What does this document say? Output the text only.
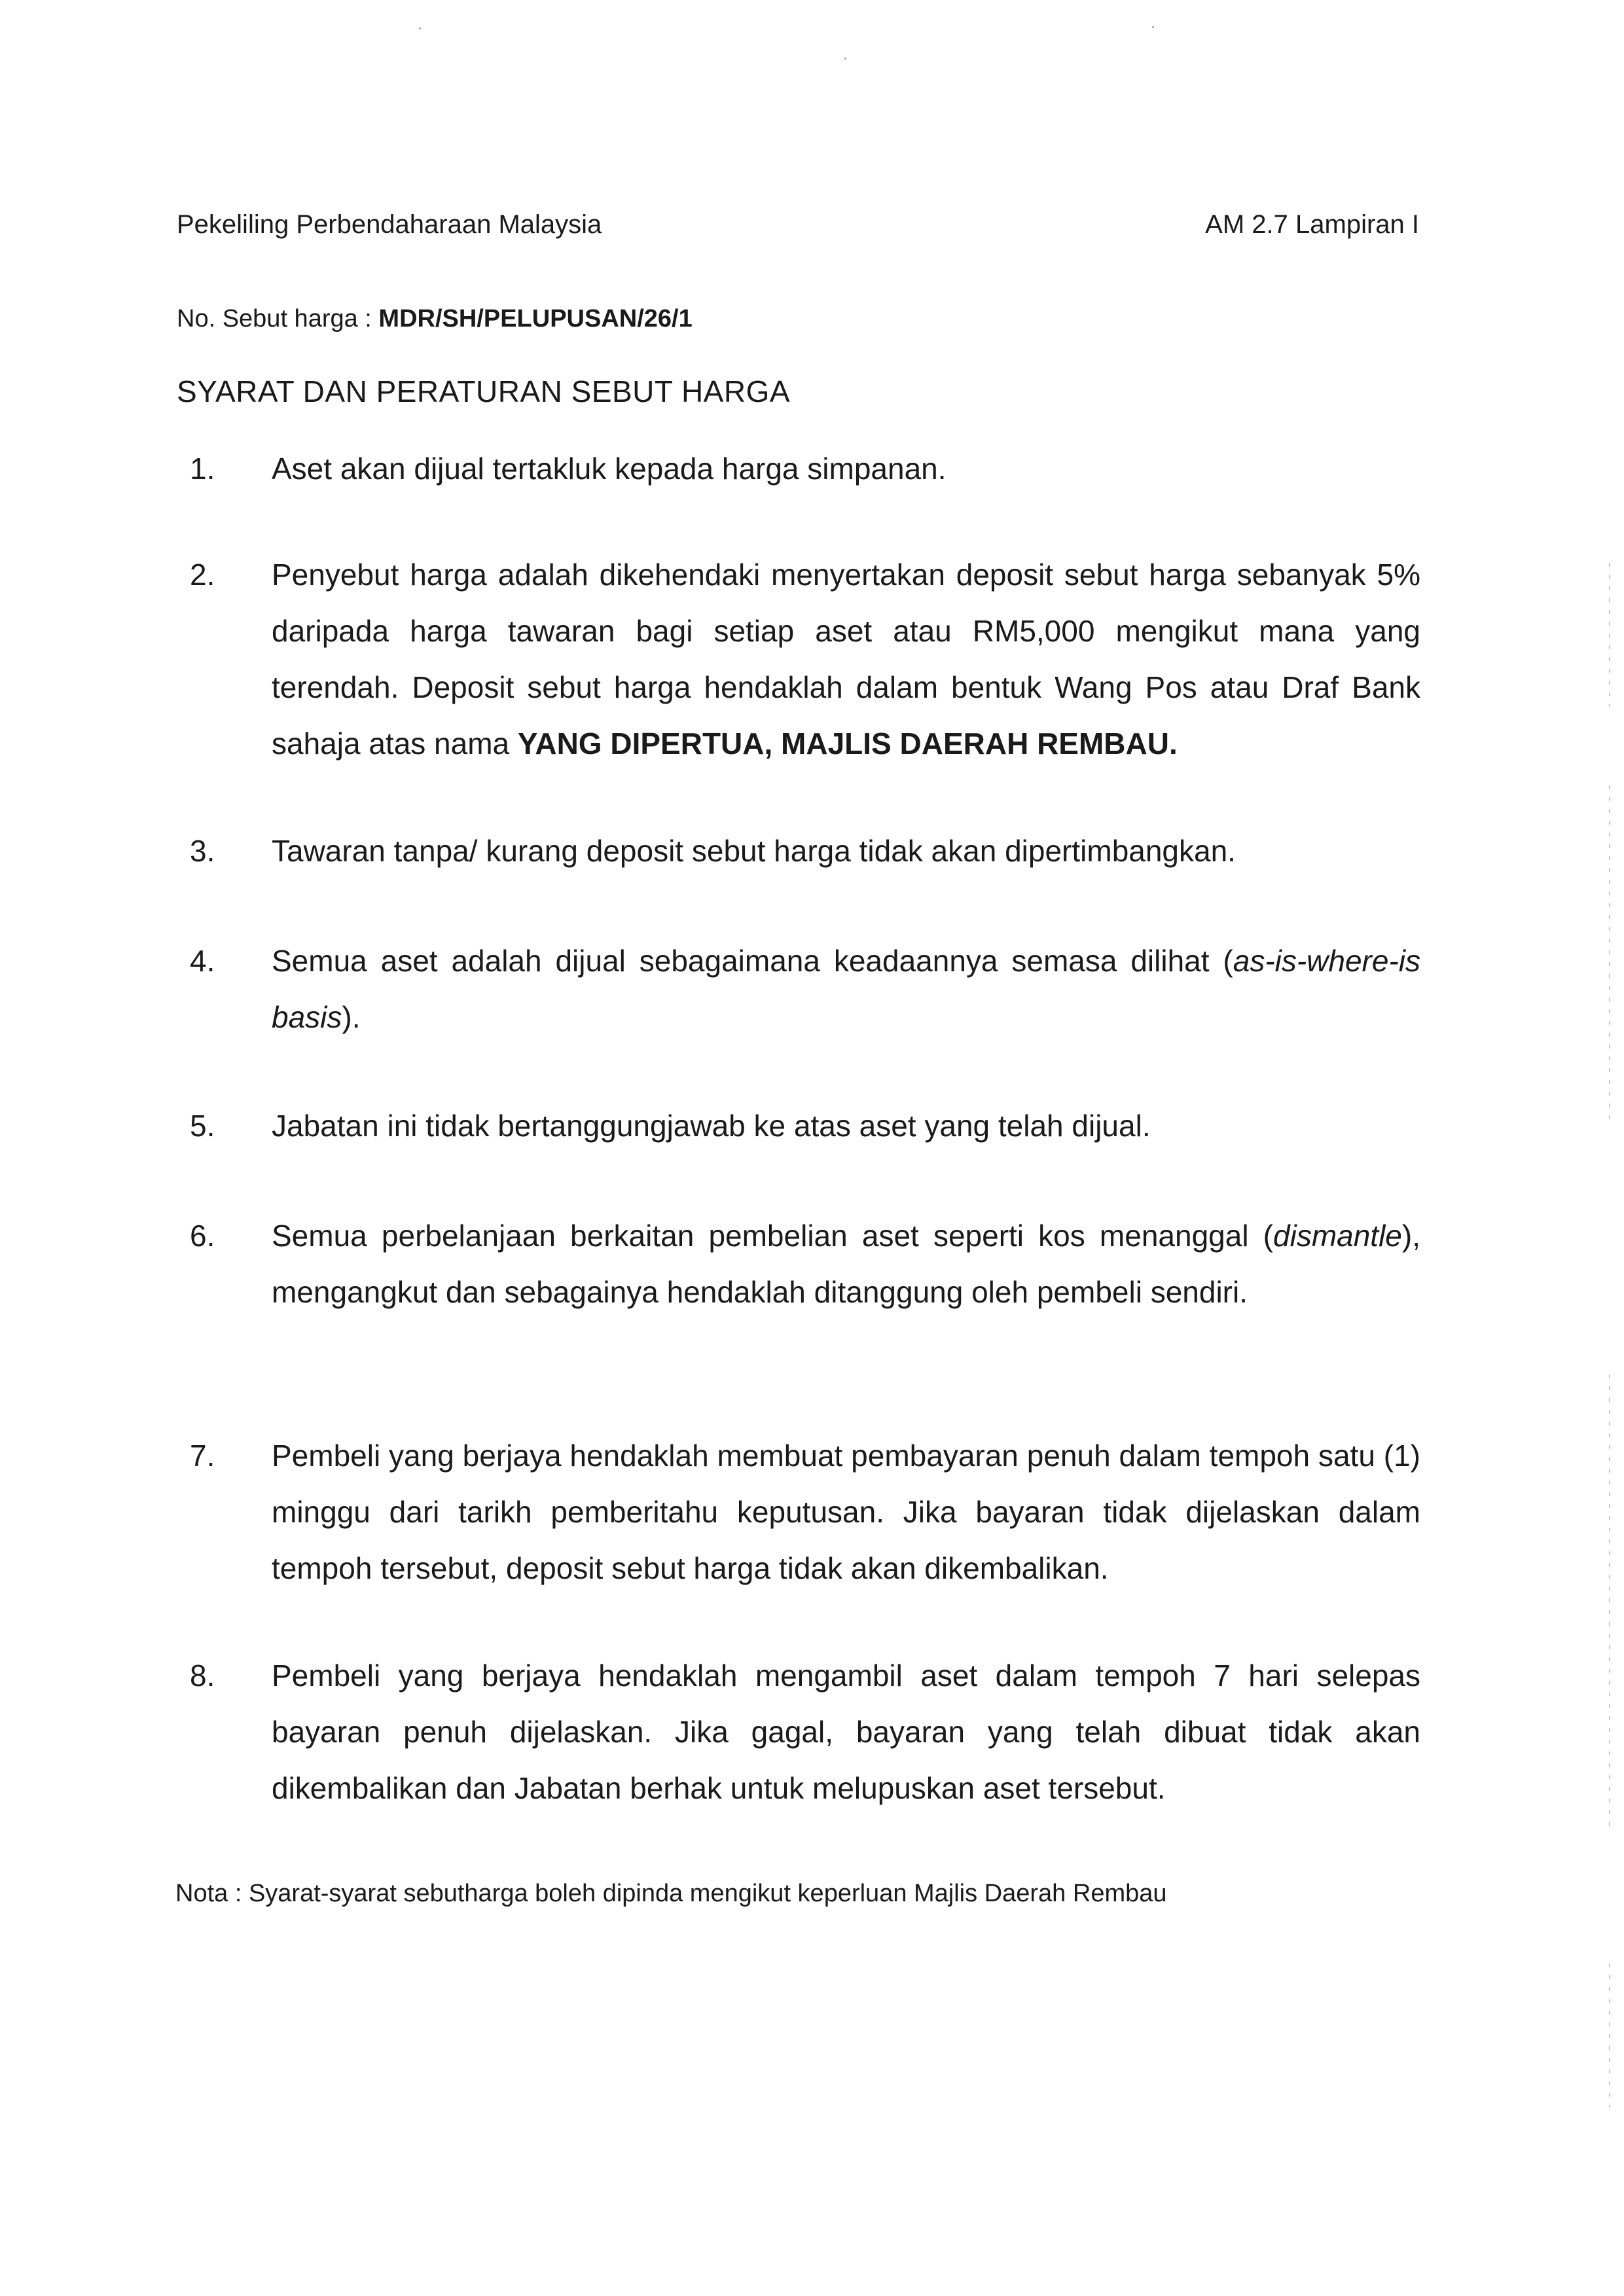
Pekeliling Perbendaharaan Malaysia	AM 2.7 Lampiran I
No. Sebut harga : MDR/SH/PELUPUSAN/26/1
SYARAT DAN PERATURAN SEBUT HARGA
1.	Aset akan dijual tertakluk kepada harga simpanan.
2.	Penyebut harga adalah dikehendaki menyertakan deposit sebut harga sebanyak 5% daripada harga tawaran bagi setiap aset atau RM5,000 mengikut mana yang terendah. Deposit sebut harga hendaklah dalam bentuk Wang Pos atau Draf Bank sahaja atas nama YANG DIPERTUA, MAJLIS DAERAH REMBAU.
3.	Tawaran tanpa/ kurang deposit sebut harga tidak akan dipertimbangkan.
4.	Semua aset adalah dijual sebagaimana keadaannya semasa dilihat (as-is-where-is basis).
5.	Jabatan ini tidak bertanggungjawab ke atas aset yang telah dijual.
6.	Semua perbelanjaan berkaitan pembelian aset seperti kos menanggal (dismantle), mengangkut dan sebagainya hendaklah ditanggung oleh pembeli sendiri.
7.	Pembeli yang berjaya hendaklah membuat pembayaran penuh dalam tempoh satu (1) minggu dari tarikh pemberitahu keputusan. Jika bayaran tidak dijelaskan dalam tempoh tersebut, deposit sebut harga tidak akan dikembalikan.
8.	Pembeli yang berjaya hendaklah mengambil aset dalam tempoh 7 hari selepas bayaran penuh dijelaskan. Jika gagal, bayaran yang telah dibuat tidak akan dikembalikan dan Jabatan berhak untuk melupuskan aset tersebut.
Nota : Syarat-syarat sebutharga boleh dipinda mengikut keperluan Majlis Daerah Rembau
